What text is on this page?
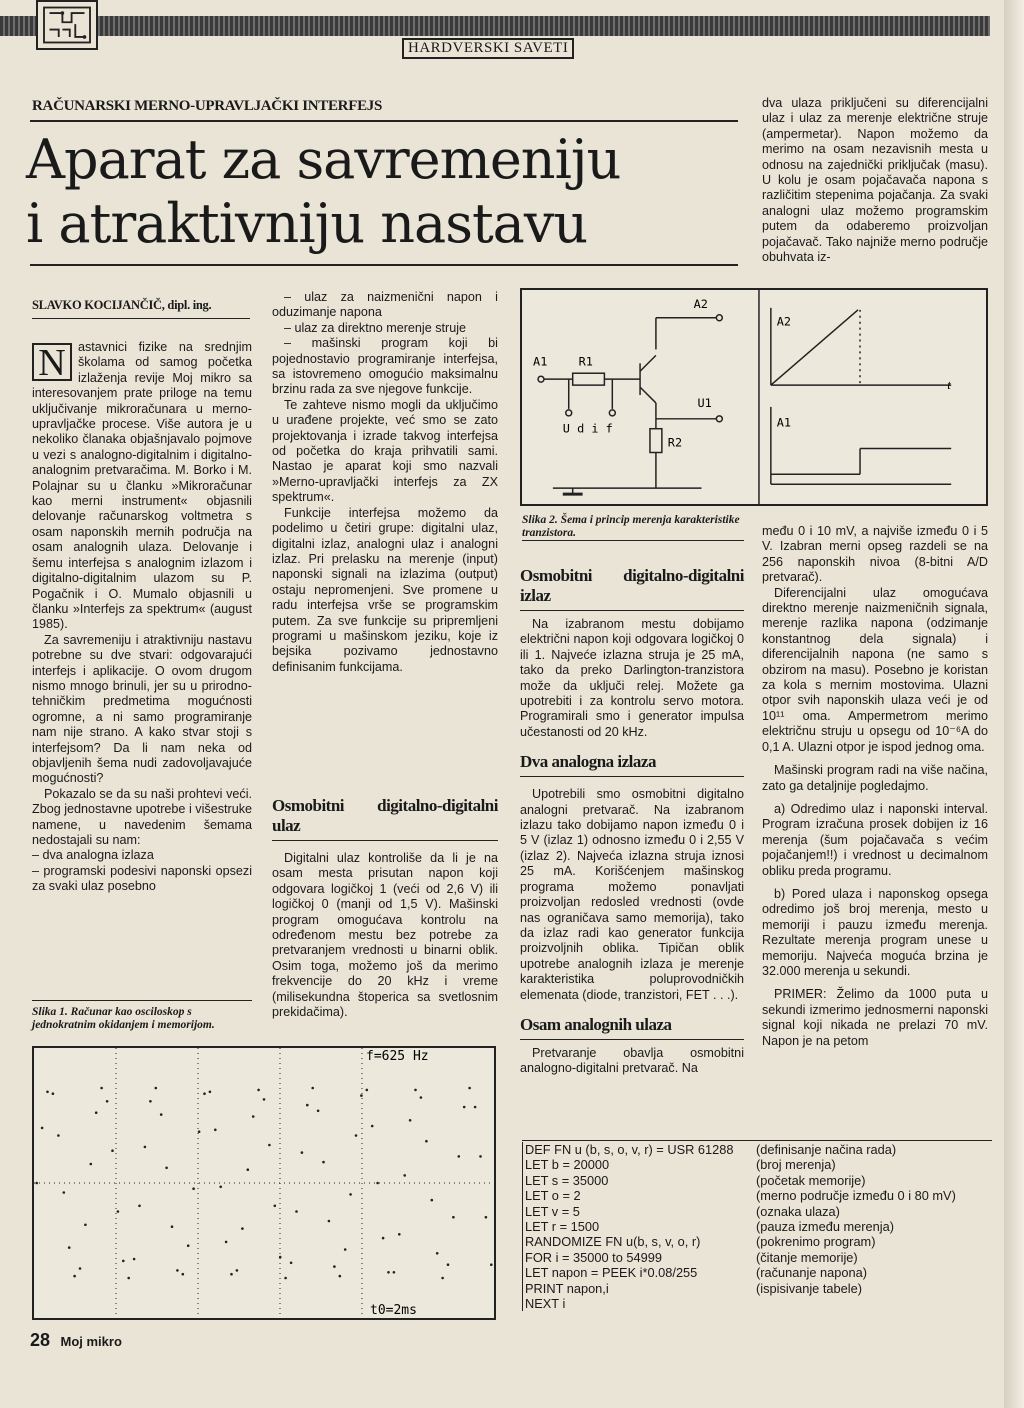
HARDVERSKI SAVETI
RAČUNARSKI MERNO-UPRAVLJAČKI INTERFEJS
Aparat za savremeniju
i atraktivniju nastavu
SLAVKO KOCIJANČIČ, dipl. ing.

N astavnici fizike na srednjim školama od samog početka izlaženja revije Moj mikro sa interesovanjem prate priloge na temu uključivanje mikroračunara u merno-upravljačke procese. Više autora je u nekoliko članaka objašnjavalo pojmove u vezi s analogno-digitalnim i digitalno-analognim pretvaračima. M. Borko i M. Polajnar su u članku »Mikroračunar kao merni instrument« objasnili delovanje računarskog voltmetra s osam naponskih mernih područja na osam analognih ulaza. Delovanje i šemu interfejsa s analognim izlazom i digitalno-digitalnim ulazom su P. Pogačnik i O. Mumalo objasnili u članku »Interfejs za spektrum« (august 1985).

Za savremeniju i atraktivniju nastavu potrebne su dve stvari: odgovarajući interfejs i aplikacije. O ovom drugom nismo mnogo brinuli, jer su u prirodno-tehničkim predmetima mogućnosti ogromne, a ni samo programiranje nam nije strano. A kako stvar stoji s interfejsom? Da li nam neka od objavljenih šema nudi zadovoljavajuće mogućnosti?

Pokazalo se da su naši prohtevi veći. Zbog jednostavne upotrebe i višestruke namene, u navedenim šemama nedostajali su nam:

– dva analogna izlaza

– programski podesivi naponski opsezi za svaki ulaz posebno

– ulaz za naizmenični napon i oduzimanje napona

– ulaz za direktno merenje struje

– mašinski program koji bi pojednostavio programiranje interfejsa, sa istovremeno omogućio maksimalnu brzinu rada za sve njegove funkcije.

Te zahteve nismo mogli da uključimo u urađene projekte, već smo se zato projektovanja i izrade takvog interfejsa od početka do kraja prihvatili sami. Nastao je aparat koji smo nazvali »Merno-upravljački interfejs za ZX spektrum«.

Funkcije interfejsa možemo da podelimo u četiri grupe: digitalni ulaz, digitalni izlaz, analogni ulaz i analogni izlaz. Pri prelasku na merenje (input) naponski signali na izlazima (output) ostaju nepromenjeni. Sve promene u radu interfejsa vrše se programskim putem. Za sve funkcije su pripremljeni programi u mašinskom jeziku, koje iz bejsika pozivamo jednostavno definisanim funkcijama.

Osmobitni digitalno-digitalni ulaz

Digitalni ulaz kontroliše da li je na osam mesta prisutan napon koji odgovara logičkoj 1 (veći od 2,6 V) ili logičkoj 0 (manji od 1,5 V). Mašinski program omogućava kontrolu na određenom mestu bez potrebe za pretvaranjem vrednosti u binarni oblik. Osim toga, možemo još da merimo frekvencije do 20 kHz i vreme (milisekundna štoperica sa svetlosnim prekidačima).

A2
A1	R1
U1
U d i f
R2
A2
A1
t
Slika 2. Šema i princip merenja karakteristike tranzistora.
Osmobitni digitalno-digitalni izlaz

Na izabranom mestu dobijamo električni napon koji odgovara logičkoj 0 ili 1. Najveće izlazna struja je 25 mA, tako da preko Darlington-tranzistora može da uključi relej. Možete ga upotrebiti i za kontrolu servo motora. Programirali smo i generator impulsa učestanosti od 20 kHz.

Dva analogna izlaza

Upotrebili smo osmobitni digitalno analogni pretvarač. Na izabranom izlazu tako dobijamo napon između 0 i 5 V (izlaz 1) odnosno između 0 i 2,55 V (izlaz 2). Najveća izlazna struja iznosi 25 mA. Korišćenjem mašinskog programa možemo ponavljati proizvoljan redosled vrednosti (ovde nas ograničava samo memorija), tako da izlaz radi kao generator funkcija proizvoljnih oblika. Tipičan oblik upotrebe analognih izlaza je merenje karakteristika poluprovodničkih elemenata (diode, tranzistori, FET . . .).

Osam analognih ulaza

Pretvaranje obavlja osmobitni analogno-digitalni pretvarač. Na

dva ulaza priključeni su diferencijalni ulaz i ulaz za merenje električne struje (ampermetar). Napon možemo da merimo na osam nezavisnih mesta u odnosu na zajednički priključak (masu). U kolu je osam pojačavača napona s različitim stepenima pojačanja. Za svaki analogni ulaz možemo programskim putem da odaberemo proizvoljan pojačavač. Tako najniže merno područje obuhvata iz-

među 0 i 10 mV, a najviše između 0 i 5 V. Izabran merni opseg razdeli se na 256 naponskih nivoa (8-bitni A/D pretvarač).

Diferencijalni ulaz omogućava direktno merenje naizmeničnih signala, merenje razlika napona (odzimanje konstantnog dela signala) i diferencijalnih napona (ne samo s obzirom na masu). Posebno je koristan za kola s mernim mostovima. Ulazni otpor svih naponskih ulaza veći je od 10¹¹ oma. Ampermetrom merimo električnu struju u opsegu od 10⁻⁶A do 0,1 A. Ulazni otpor je ispod jednog oma.

Mašinski program radi na više načina, zato ga detaljnije pogledajmo.

a) Odredimo ulaz i naponski interval. Program izračuna prosek dobijen iz 16 merenja (šum pojačavača s većim pojačanjem!!) i vrednost u decimalnom obliku preda programu.

b) Pored ulaza i naponskog opsega odredimo još broj merenja, mesto u memoriji i pauzu između merenja. Rezultate merenja program unese u memoriju. Najveća moguća brzina je 32.000 merenja u sekundi.

PRIMER: Želimo da 1000 puta u sekundi izmerimo jednosmerni naponski signal koji nikada ne prelazi 70 mV. Napon je na petom

Slika 1. Računar kao osciloskop s jednokratnim okidanjem i memorijom.
f=625 Hz
t0=2ms
DEF FN u (b, s, o, v, r) = USR 61288	(definisanje načina rada)
LET b = 20000	(broj merenja)
LET s = 35000	(početak memorije)
LET o = 2	(merno područje između 0 i 80 mV)
LET v = 5	(oznaka ulaza)
LET r = 1500	(pauza između merenja)
RANDOMIZE FN u(b, s, v, o, r)	(pokrenimo program)
FOR i = 35000 to 54999	(čitanje memorije)
LET napon = PEEK i*0.08/255	(računanje napona)
PRINT napon,i	(ispisivanje tabele)
NEXT i
28 Moj mikro
